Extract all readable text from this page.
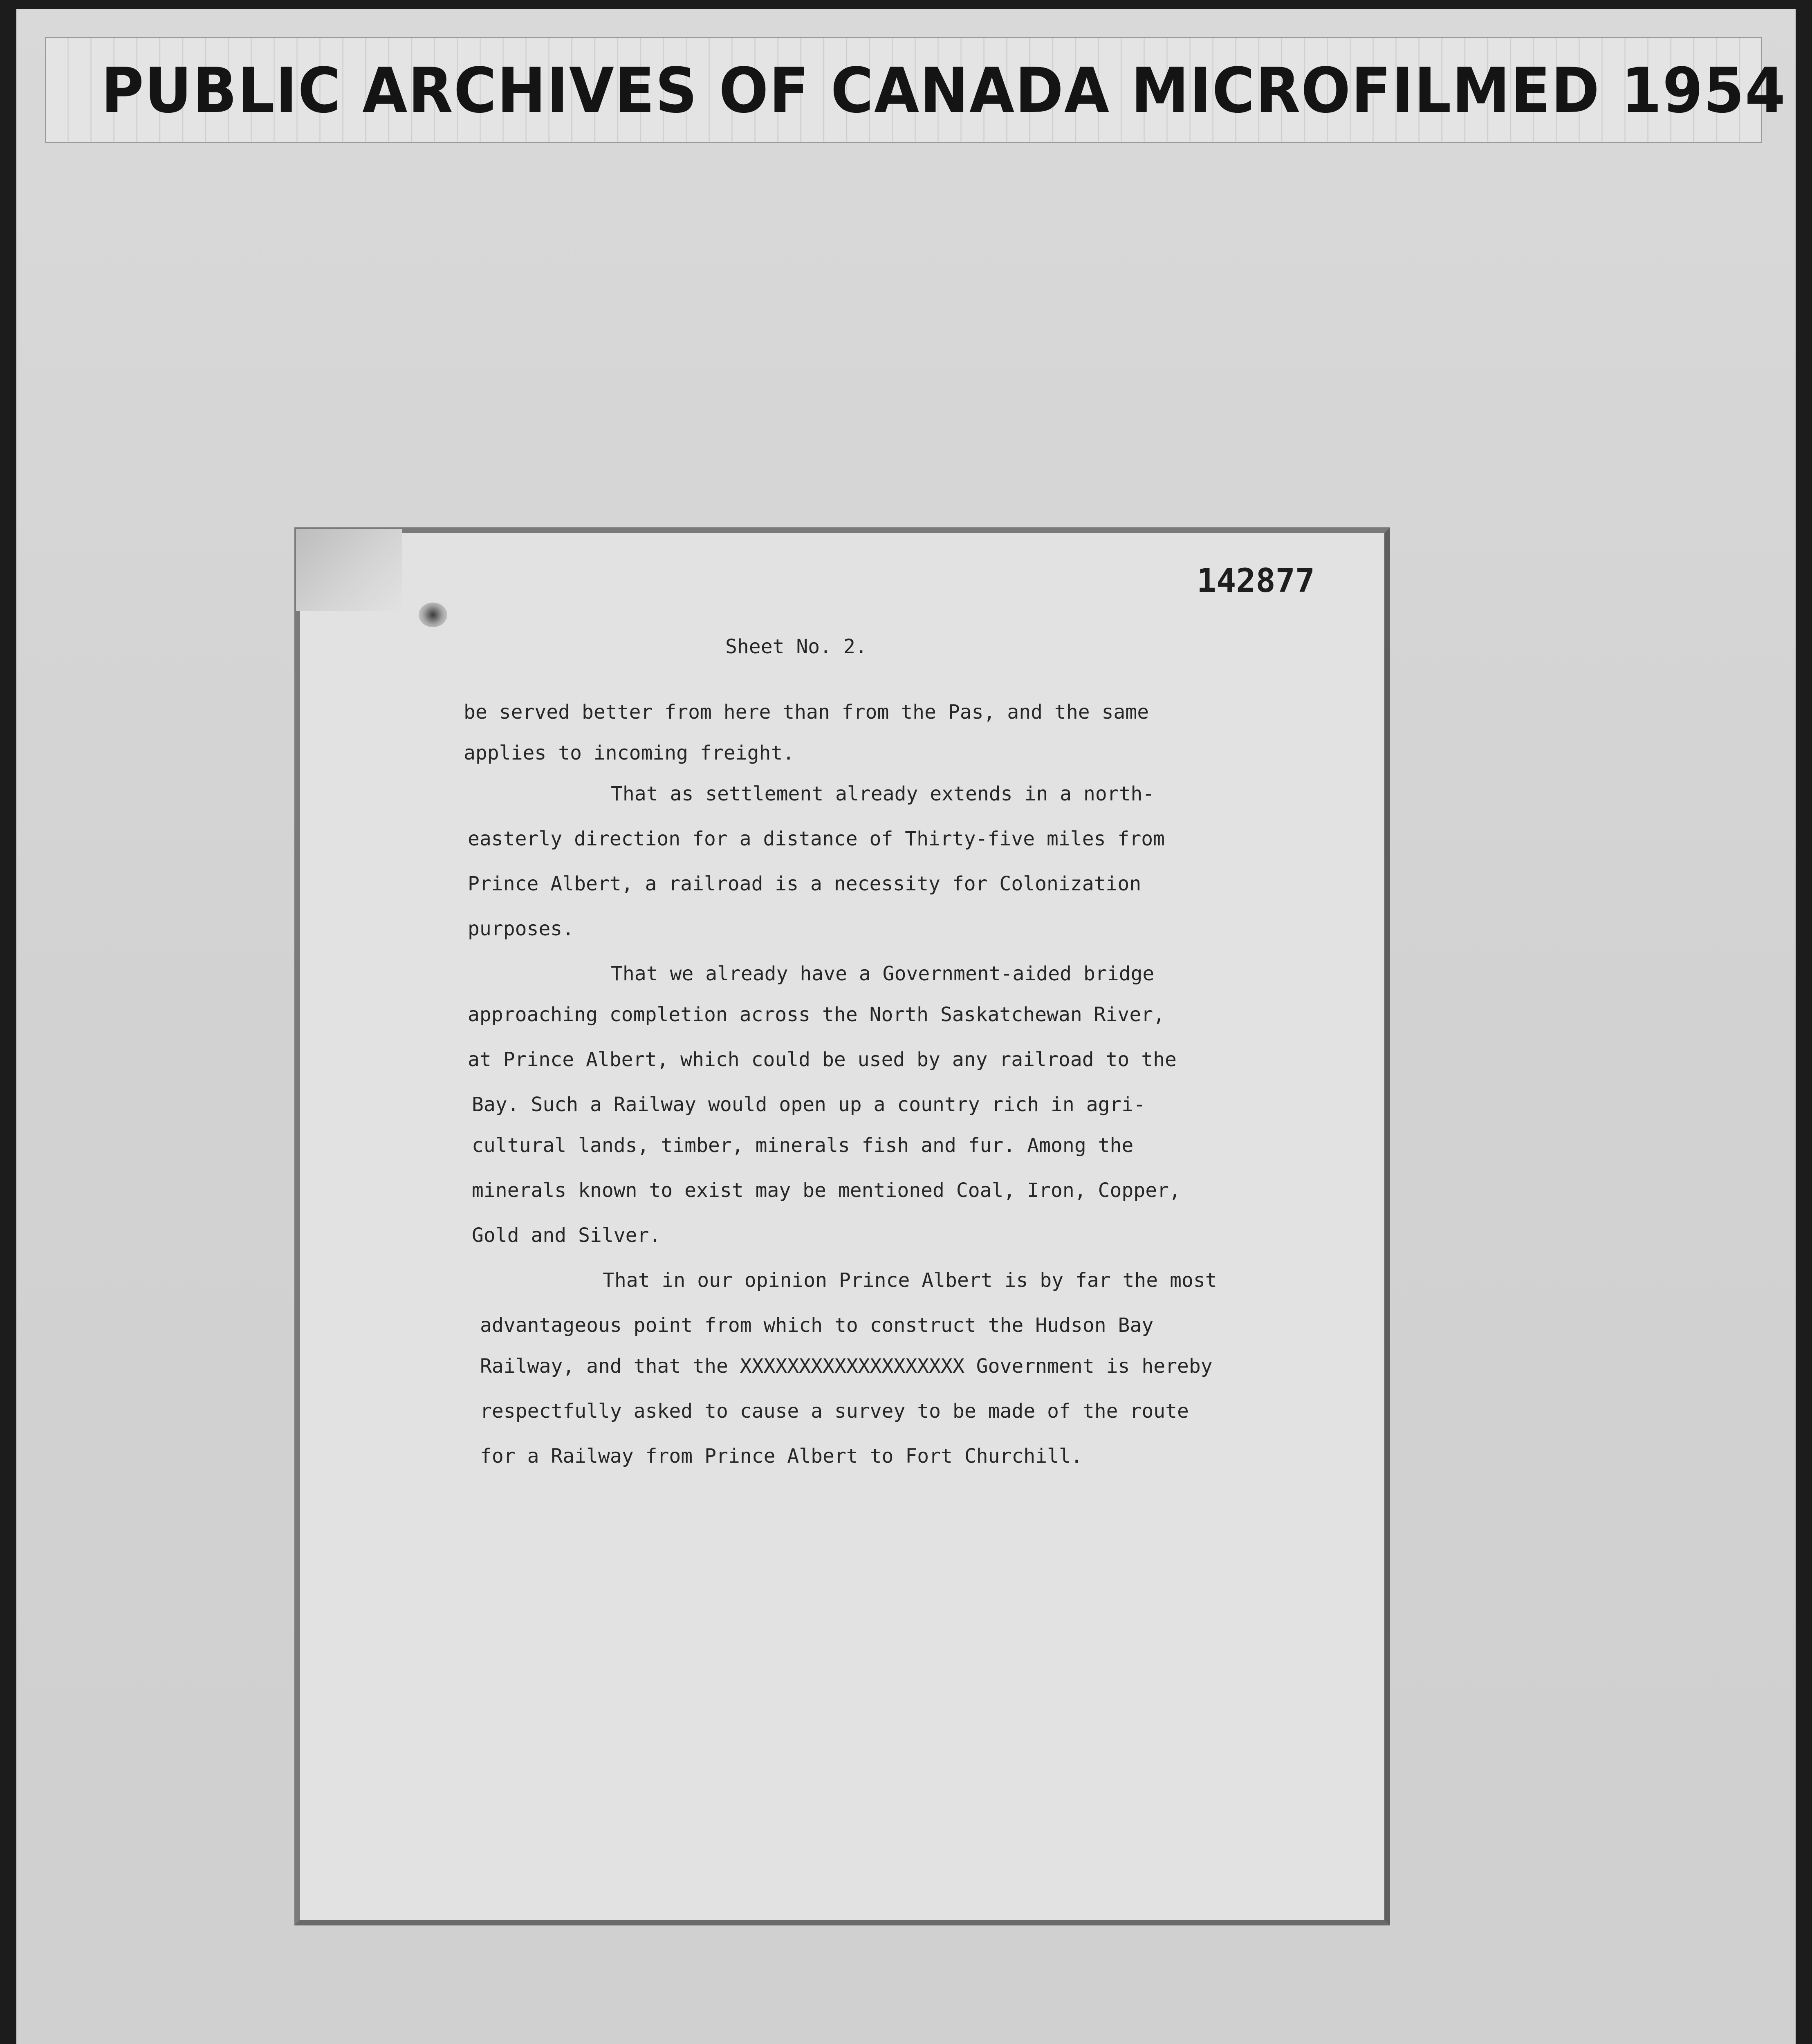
PUBLIC ARCHIVES OF CANADA MICROFILMED 1954
142877
Sheet No. 2.
be served better from here than from the Pas, and the same
applies to incoming freight.
That as settlement already extends in a north-
easterly direction for a distance of Thirty-five miles from
Prince Albert, a railroad is a necessity for Colonization
purposes.
That we already have a Government-aided bridge
approaching completion across the North Saskatchewan River,
at Prince Albert, which could be used by any railroad to the
Bay. Such a Railway would open up a country rich in agri-
cultural lands, timber, minerals fish and fur. Among the
minerals known to exist may be mentioned Coal, Iron, Copper,
Gold and Silver.
That in our opinion Prince Albert is by far the most
advantageous point from which to construct the Hudson Bay
Railway, and that the XXXXXXXXXXXXXXXXXXX Government is hereby
respectfully asked to cause a survey to be made of the route
for a Railway from Prince Albert to Fort Churchill.
